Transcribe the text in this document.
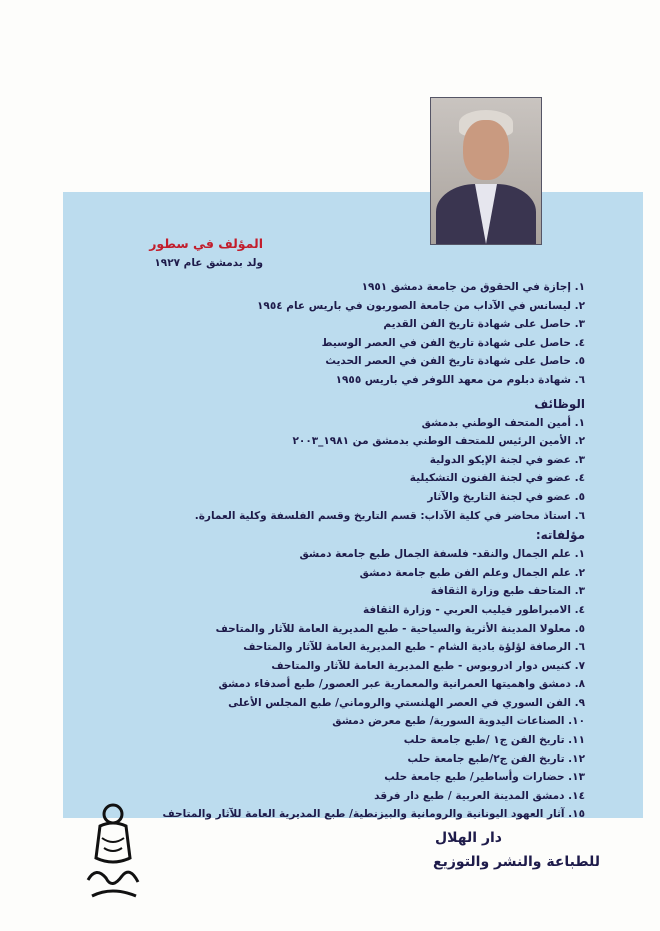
المؤلف في سطور
ولد بدمشق عام ١٩٢٧
١. إجازة في الحقوق من جامعة دمشق ١٩٥١
٢. ليسانس في الآداب من جامعة الصوربون في باريس عام ١٩٥٤
٣. حاصل على شهادة تاريخ الفن القديم
٤. حاصل على شهادة تاريخ الفن في العصر الوسيط
٥. حاصل على شهادة تاريخ الفن في العصر الحديث
٦. شهادة دبلوم من معهد اللوفر في باريس ١٩٥٥
الوظائف
١. أمين المتحف الوطني بدمشق
٢. الأمين الرئيس للمتحف الوطني بدمشق من ١٩٨١_٢٠٠٣
٣. عضو في لجنة الإيكو الدولية
٤. عضو في لجنة الفنون التشكيلية
٥. عضو في لجنة التاريخ والآثار
٦. استاذ محاضر في كلية الآداب: قسم التاريخ وقسم الفلسفة وكلية العمارة.
مؤلفاته:
١. علم الجمال والنقد- فلسفة الجمال طبع جامعة دمشق
٢. علم الجمال وعلم الفن طبع جامعة دمشق
٣. المتاحف طبع وزارة الثقافة
٤. الامبراطور فيليب العربي - وزارة الثقافة
٥. معلولا المدينة الأثرية والسياحية - طبع المديرية العامة للآثار والمتاحف
٦. الرصافة لؤلؤة بادية الشام - طبع المديرية العامة للآثار والمتاحف
٧. كنيس دوار ادروبوس - طبع المديرية العامة للآثار والمتاحف
٨. دمشق واهميتها العمرانية والمعمارية عبر العصور/ طبع أصدقاء دمشق
٩. الفن السوري في العصر الهلنستي والروماني/ طبع المجلس الأعلى
١٠. الصناعات اليدوية السورية/ طبع معرض دمشق
١١. تاريخ الفن ج١ /طبع جامعة حلب
١٢. تاريخ الفن ج٢/طبع جامعة حلب
١٣. حضارات وأساطير/ طبع جامعة حلب
١٤. دمشق المدينة العربية / طبع دار فرقد
١٥. آثار العهود اليونانية والرومانية والبيزنطية/ طبع المديرية العامة للآثار والمتاحف
دار الهلال
للطباعة والنشر والتوزيع
